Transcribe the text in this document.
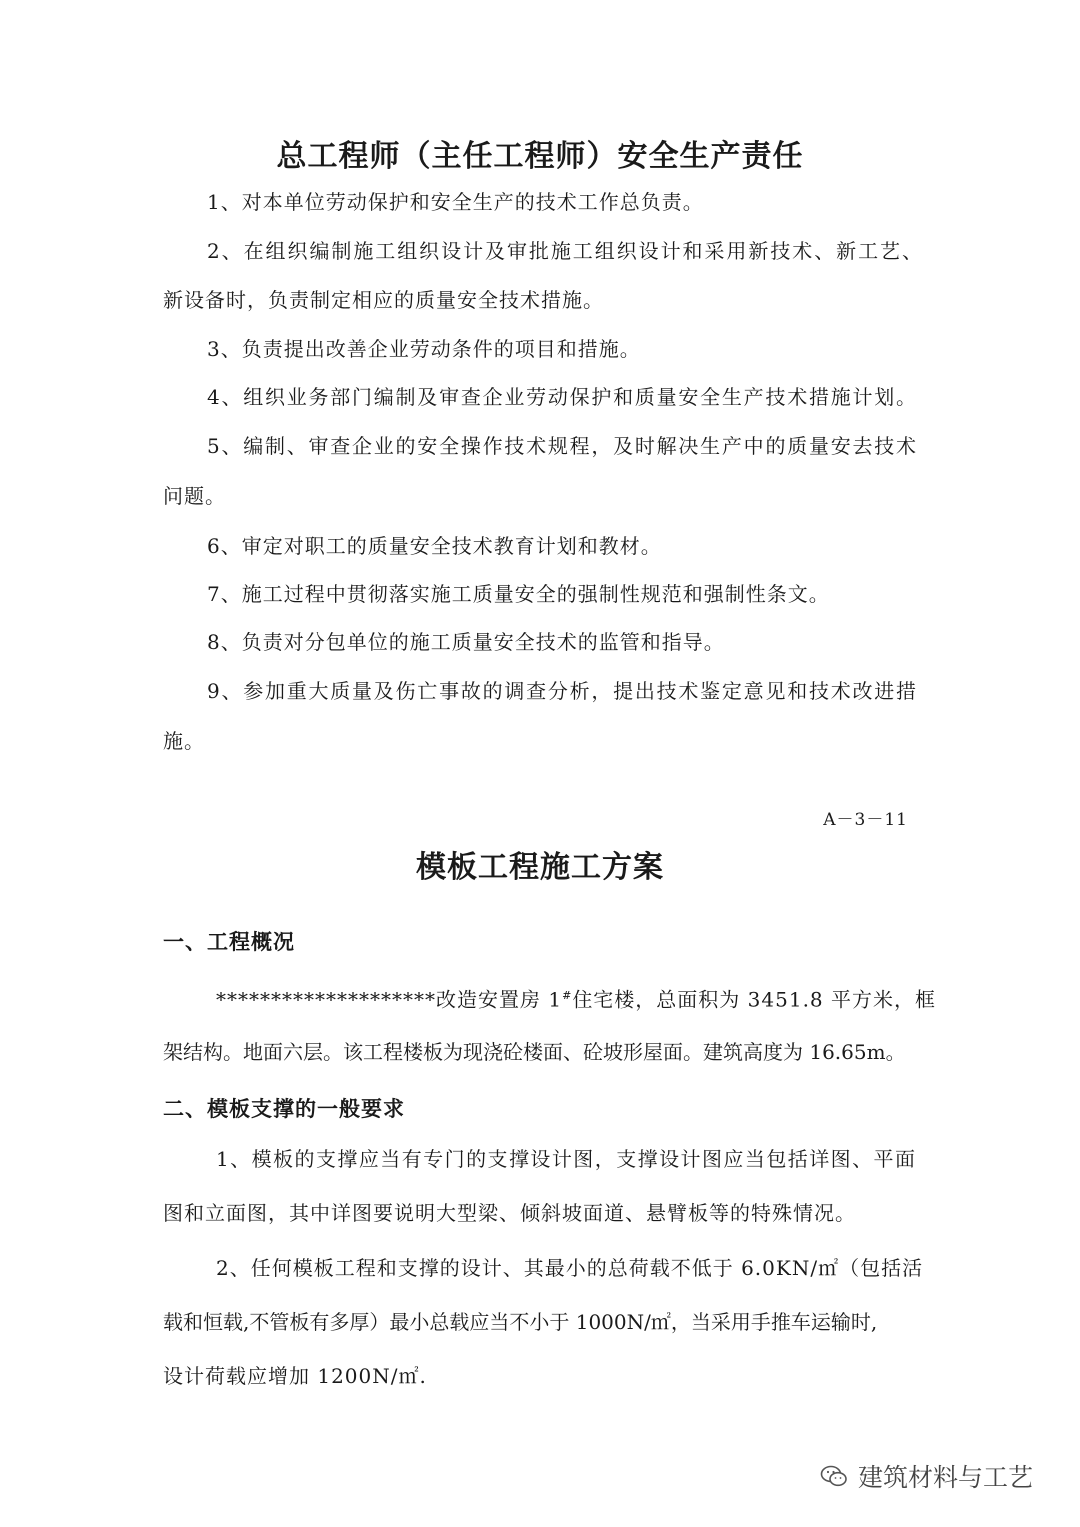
总工程师（主任工程师）安全生产责任
1、对本单位劳动保护和安全生产的技术工作总负责。
2、在组织编制施工组织设计及审批施工组织设计和采用新技术、新工艺、
新设备时，负责制定相应的质量安全技术措施。
3、负责提出改善企业劳动条件的项目和措施。
4、组织业务部门编制及审查企业劳动保护和质量安全生产技术措施计划。
5、编制、审查企业的安全操作技术规程，及时解决生产中的质量安去技术
问题。
6、审定对职工的质量安全技术教育计划和教材。
7、施工过程中贯彻落实施工质量安全的强制性规范和强制性条文。
8、负责对分包单位的施工质量安全技术的监管和指导。
9、参加重大质量及伤亡事故的调查分析，提出技术鉴定意见和技术改进措
施。
A－3－11
模板工程施工方案
一、工程概况
********************改造安置房 1#住宅楼，总面积为 3451.8 平方米，框
架结构。地面六层。该工程楼板为现浇砼楼面、砼坡形屋面。建筑高度为 16.65m。
二、模板支撑的一般要求
1、模板的支撑应当有专门的支撑设计图，支撑设计图应当包括详图、平面
图和立面图，其中详图要说明大型梁、倾斜坡面道、悬臂板等的特殊情况。
2、任何模板工程和支撑的设计、其最小的总荷载不低于 6.0KN/㎡（包括活
载和恒载,不管板有多厚）最小总载应当不小于 1000N/㎡，当采用手推车运输时,
设计荷载应增加 1200N/㎡.
建筑材料与工艺
